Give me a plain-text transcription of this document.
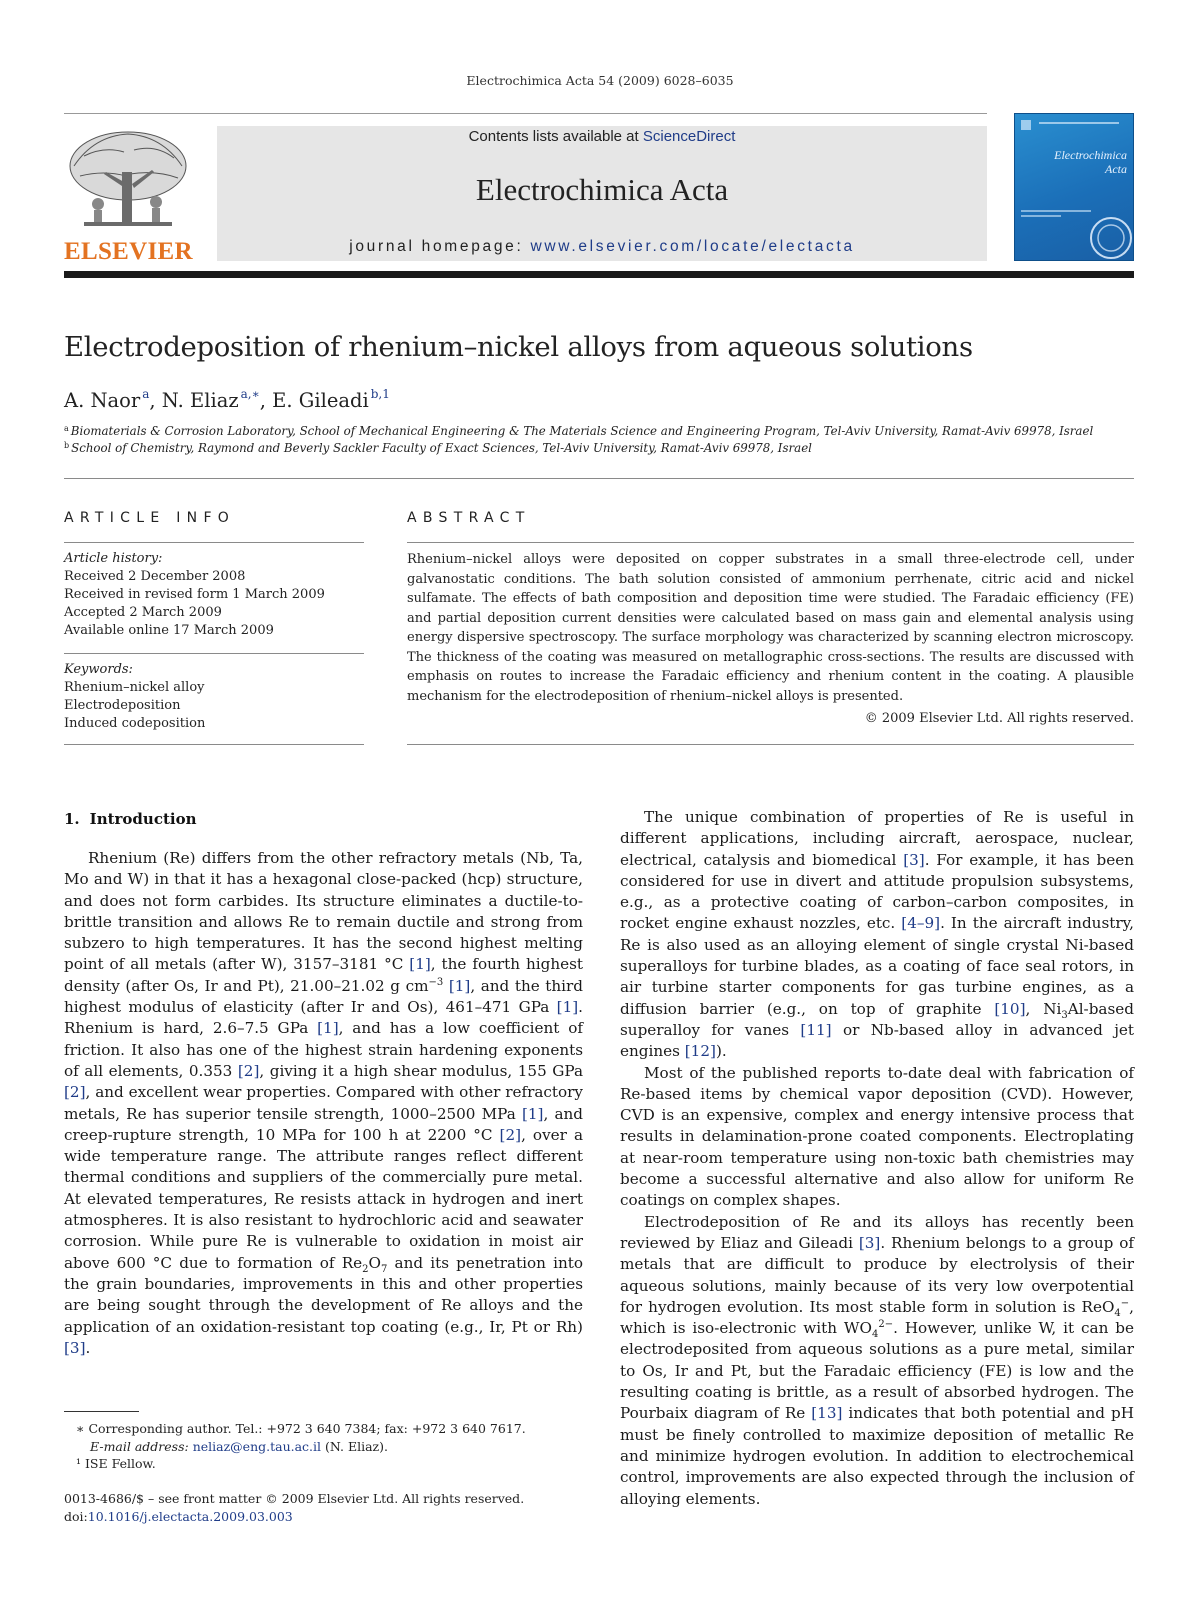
Electrochimica Acta 54 (2009) 6028–6035
ELSEVIER
Contents lists available at ScienceDirect
Electrochimica Acta
journal homepage: www.elsevier.com/locate/electacta
Electrochimica
Acta
Electrodeposition of rhenium–nickel alloys from aqueous solutions
A. Naor $^a$, N. Eliaz $^{a,∗}$, E. Gileadi $^{b,1}$
$^a$ Biomaterials & Corrosion Laboratory, School of Mechanical Engineering & The Materials Science and Engineering Program, Tel-Aviv University, Ramat-Aviv 69978, Israel
$^b$ School of Chemistry, Raymond and Beverly Sackler Faculty of Exact Sciences, Tel-Aviv University, Ramat-Aviv 69978, Israel
ARTICLE INFO
Article history:
Received 2 December 2008
Received in revised form 1 March 2009
Accepted 2 March 2009
Available online 17 March 2009
Keywords:
Rhenium–nickel alloy
Electrodeposition
Induced codeposition
ABSTRACT
Rhenium–nickel alloys were deposited on copper substrates in a small three-electrode cell, under galvanostatic conditions. The bath solution consisted of ammonium perrhenate, citric acid and nickel sulfamate. The effects of bath composition and deposition time were studied. The Faradaic efficiency (FE) and partial deposition current densities were calculated based on mass gain and elemental analysis using energy dispersive spectroscopy. The surface morphology was characterized by scanning electron microscopy. The thickness of the coating was measured on metallographic cross-sections. The results are discussed with emphasis on routes to increase the Faradaic efficiency and rhenium content in the coating. A plausible mechanism for the electrodeposition of rhenium–nickel alloys is presented.
© 2009 Elsevier Ltd. All rights reserved.
1. Introduction

Rhenium (Re) differs from the other refractory metals (Nb, Ta, Mo and W) in that it has a hexagonal close-packed (hcp) structure, and does not form carbides. Its structure eliminates a ductile-to-brittle transition and allows Re to remain ductile and strong from subzero to high temperatures. It has the second highest melting point of all metals (after W), 3157–3181 °C [1], the fourth highest density (after Os, Ir and Pt), 21.00–21.02 g $cm^{-3}$ [1], and the third highest modulus of elasticity (after Ir and Os), 461–471 GPa [1]. Rhenium is hard, 2.6–7.5 GPa [1], and has a low coefficient of friction. It also has one of the highest strain hardening exponents of all elements, 0.353 [2], giving it a high shear modulus, 155 GPa [2], and excellent wear properties. Compared with other refractory metals, Re has superior tensile strength, 1000–2500 MPa [1], and creep-rupture strength, 10 MPa for 100 h at 2200 °C [2], over a wide temperature range. The attribute ranges reflect different thermal conditions and suppliers of the commercially pure metal. At elevated temperatures, Re resists attack in hydrogen and inert atmospheres. It is also resistant to hydrochloric acid and seawater corrosion. While pure Re is vulnerable to oxidation in moist air above 600 °C due to formation of $Re_2O_7$ and its penetration into the grain boundaries, improvements in this and other properties are being sought through the development of Re alloys and the application of an oxidation-resistant top coating (e.g., Ir, Pt or Rh) [3].

The unique combination of properties of Re is useful in different applications, including aircraft, aerospace, nuclear, electrical, catalysis and biomedical [3]. For example, it has been considered for use in divert and attitude propulsion subsystems, e.g., as a protective coating of carbon–carbon composites, in rocket engine exhaust nozzles, etc. [4–9]. In the aircraft industry, Re is also used as an alloying element of single crystal Ni-based superalloys for turbine blades, as a coating of face seal rotors, in air turbine starter components for gas turbine engines, as a diffusion barrier (e.g., on top of graphite [10], $Ni_3Al$-based superalloy for vanes [11] or Nb-based alloy in advanced jet engines [12]).

Most of the published reports to-date deal with fabrication of Re-based items by chemical vapor deposition (CVD). However, CVD is an expensive, complex and energy intensive process that results in delamination-prone coated components. Electroplating at near-room temperature using non-toxic bath chemistries may become a successful alternative and also allow for uniform Re coatings on complex shapes.

Electrodeposition of Re and its alloys has recently been reviewed by Eliaz and Gileadi [3]. Rhenium belongs to a group of metals that are difficult to produce by electrolysis of their aqueous solutions, mainly because of its very low overpotential for hydrogen evolution. Its most stable form in solution is ReO$_4$−, which is iso-electronic with $WO_4^{2-}$. However, unlike W, it can be electrodeposited from aqueous solutions as a pure metal, similar to Os, Ir and Pt, but the Faradaic efficiency (FE) is low and the resulting coating is brittle, as a result of absorbed hydrogen. The Pourbaix diagram of Re [13] indicates that both potential and pH must be finely controlled to maximize deposition of metallic Re and minimize hydrogen evolution. In addition to electrochemical control, improvements are also expected through the inclusion of alloying elements.

∗ Corresponding author. Tel.: +972 3 640 7384; fax: +972 3 640 7617.
E-mail address: neliaz@eng.tau.ac.il (N. Eliaz).
¹ ISE Fellow.
0013-4686/$ – see front matter © 2009 Elsevier Ltd. All rights reserved.
doi:10.1016/j.electacta.2009.03.003
